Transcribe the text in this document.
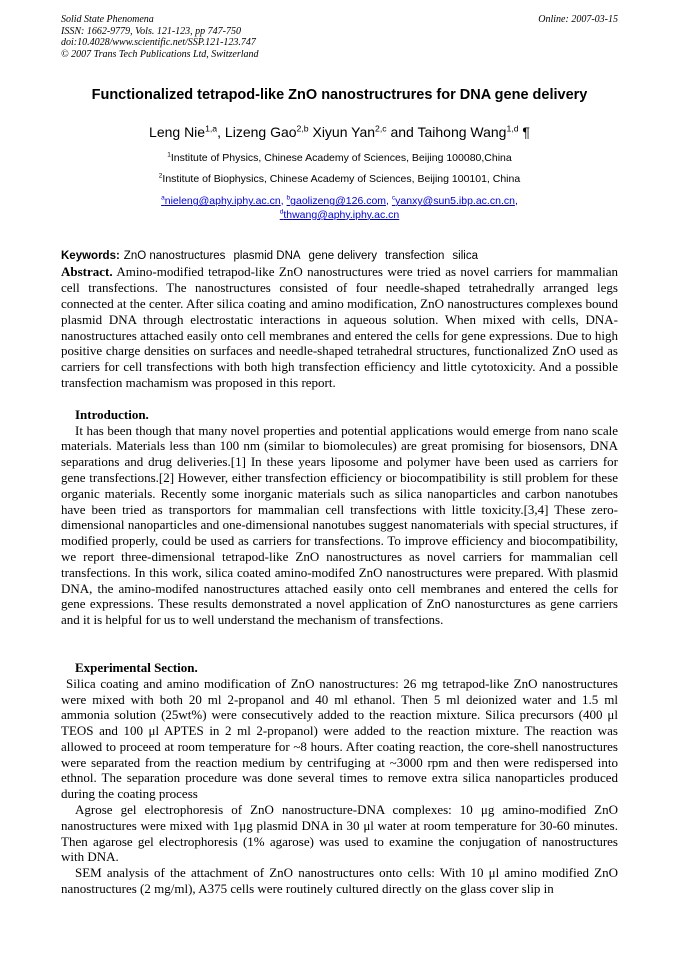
Solid State Phenomena
ISSN: 1662-9779, Vols. 121-123, pp 747-750
doi:10.4028/www.scientific.net/SSP.121-123.747
© 2007 Trans Tech Publications Ltd, Switzerland
Online: 2007-03-15
Functionalized tetrapod-like ZnO nanostructrures for DNA gene delivery
Leng Nie$^{1,a}$, Lizeng Gao$^{2,b}$ Xiyun Yan$^{2,c}$ and Taihong Wang$^{1,d}$ ¶
$^1$Institute of Physics, Chinese Academy of Sciences, Beijing 100080,China
$^2$Institute of Biophysics, Chinese Academy of Sciences, Beijing 100101, China
$^a$nieleng@aphy.iphy.ac.cn, $^b$gaolizeng@126.com, $^c$yanxy@sun5.ibp.ac.cn.cn,
$^d$thwang@aphy.iphy.ac.cn
Keywords: ZnO nanostructures plasmid DNA gene delivery transfection silica

Abstract. Amino-modified tetrapod-like ZnO nanostructures were tried as novel carriers for mammalian cell transfections. The nanostructures consisted of four needle-shaped tetrahedrally arranged legs connected at the center. After silica coating and amino modification, ZnO nanostructures complexes bound plasmid DNA through electrostatic interactions in aqueous solution. When mixed with cells, DNA-nanostructures attached easily onto cell membranes and entered the cells for gene expressions. Due to high positive charge densities on surfaces and needle-shaped tetrahedral structures, functionalized ZnO used as carriers for cell transfections with both high transfection efficiency and little cytotoxicity. And a possible transfection machamism was proposed in this report.

Introduction.

It has been though that many novel properties and potential applications would emerge from nano scale materials. Materials less than 100 nm (similar to biomolecules) are great promising for biosensors, DNA separations and drug deliveries.[1] In these years liposome and polymer have been used as carriers for gene transfections.[2] However, either transfection efficiency or biocompatibility is still problem for these organic materials. Recently some inorganic materials such as silica nanoparticles and carbon nanotubes have been tried as transportors for mammalian cell transfections with little toxicity.[3,4] These zero-dimensional nanoparticles and one-dimensional nanotubes suggest nanomaterials with special structures, if modified properly, could be used as carriers for transfections. To improve efficiency and biocompatibility, we report three-dimensional tetrapod-like ZnO nanostructures as novel carriers for mammalian cell transfections. In this work, silica coated amino-modifed ZnO nanostructures were prepared. With plasmid DNA, the amino-modifed nanostructures attached easily onto cell membranes and entered the cells for gene expressions. These results demonstrated a novel application of ZnO nanosturctures as gene carriers and it is helpful for us to well understand the mechanism of transfections.

Experimental Section.

Silica coating and amino modification of ZnO nanostructures: 26 mg tetrapod-like ZnO nanostructures were mixed with both 20 ml 2-propanol and 40 ml ethanol. Then 5 ml deionized water and 1.5 ml ammonia solution (25wt%) were consecutively added to the reaction mixture. Silica precursors (400 μl TEOS and 100 μl APTES in 2 ml 2-propanol) were added to the reaction mixture. The reaction was allowed to proceed at room temperature for ~8 hours. After coating reaction, the core-shell nanostructures were separated from the reaction medium by centrifuging at ~3000 rpm and then were redispersed into ethnol. The separation procedure was done several times to remove extra silica nanoparticles produced during the coating process

Agrose gel electrophoresis of ZnO nanostructure-DNA complexes: 10 μg amino-modified ZnO nanostructures were mixed with 1μg plasmid DNA in 30 μl water at room temperature for 30-60 minutes. Then agarose gel electrophoresis (1% agarose) was used to examine the conjugation of nanostructures with DNA.

SEM analysis of the attachment of ZnO nanostructures onto cells: With 10 μl amino modified ZnO nanostructures (2 mg/ml), A375 cells were routinely cultured directly on the glass cover slip in
